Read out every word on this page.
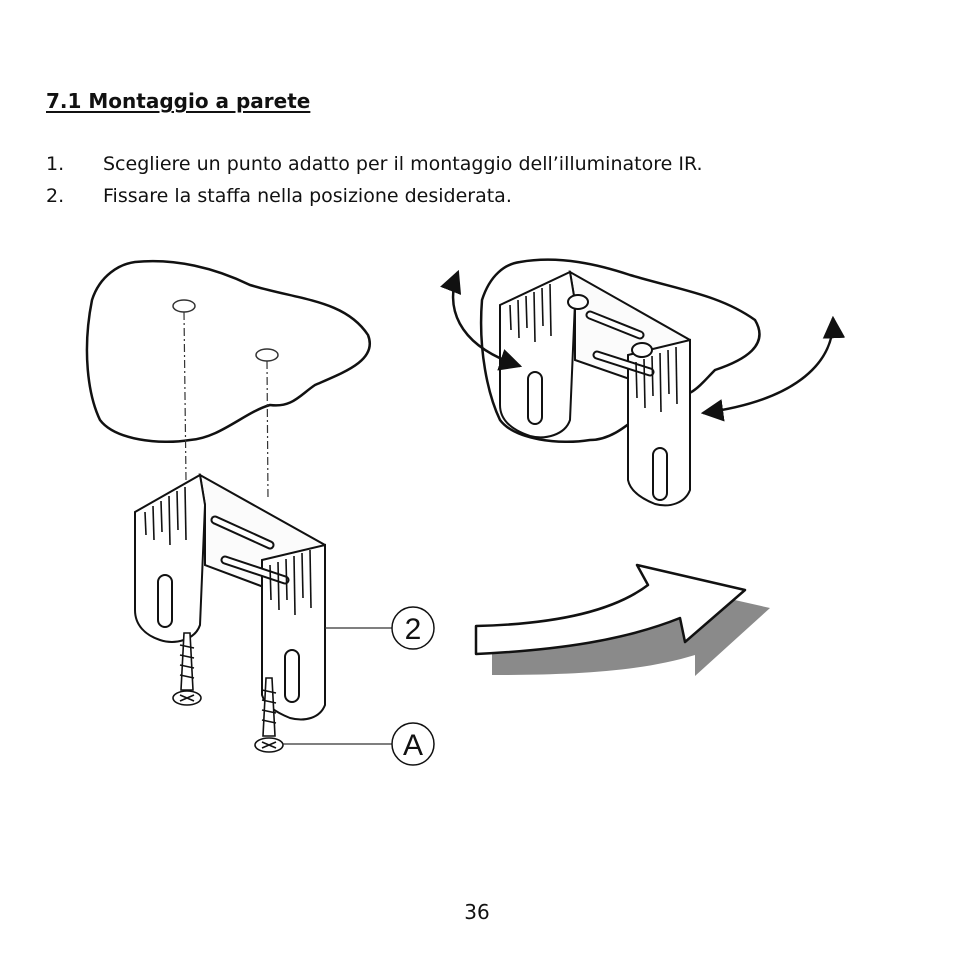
7.1 Montaggio a parete
1. Scegliere un punto adatto per il montaggio dell’illuminatore IR.
2. Fissare la staffa nella posizione desiderata.
2
A
36
